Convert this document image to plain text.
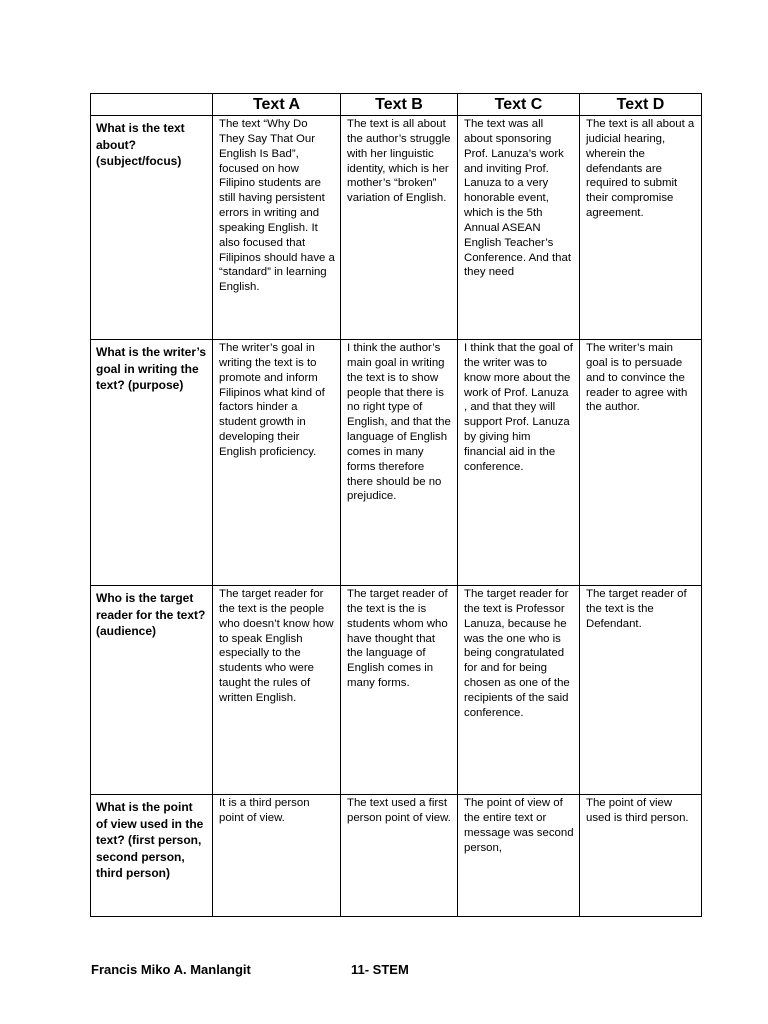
	Text A	Text B	Text C	Text D
What is the text about? (subject/focus)	The text “Why Do They Say That Our English Is Bad”, focused on how Filipino students are still having persistent errors in writing and speaking English. It also focused that Filipinos should have a “standard” in learning English.	The text is all about the author’s struggle with her linguistic identity, which is her mother’s “broken” variation of English.	The text was all about sponsoring Prof. Lanuza’s work and inviting Prof. Lanuza to a very honorable event, which is the 5th Annual ASEAN English Teacher’s Conference. And that they need	The text is all about a judicial hearing, wherein the defendants are required to submit their compromise agreement.
What is the writer’s goal in writing the text? (purpose)	The writer’s goal in writing the text is to promote and inform Filipinos what kind of factors hinder a student growth in developing their English proficiency.	I think the author’s main goal in writing the text is to show people that there is no right type of English, and that the language of English comes in many forms therefore there should be no prejudice.	I think that the goal of the writer was to know more about the work of Prof. Lanuza , and that they will support Prof. Lanuza by giving him financial aid in the conference.	The writer’s main goal is to persuade and to convince the reader to agree with the author.
Who is the target reader for the text? (audience)	The target reader for the text is the people who doesn’t know how to speak English especially to the students who were taught the rules of written English.	The target reader of the text is the is students whom who have thought that the language of English comes in many forms.	The target reader for the text is Professor Lanuza, because he was the one who is being congratulated for and for being chosen as one of the recipients of the said conference.	The target reader of the text is the Defendant.
What is the point of view used in the text? (first person, second person, third person)	It is a third person point of view.	The text used a first person point of view.	The point of view of the entire text or message was second person,	The point of view used is third person.
Francis Miko A. Manlangit	11- STEM
